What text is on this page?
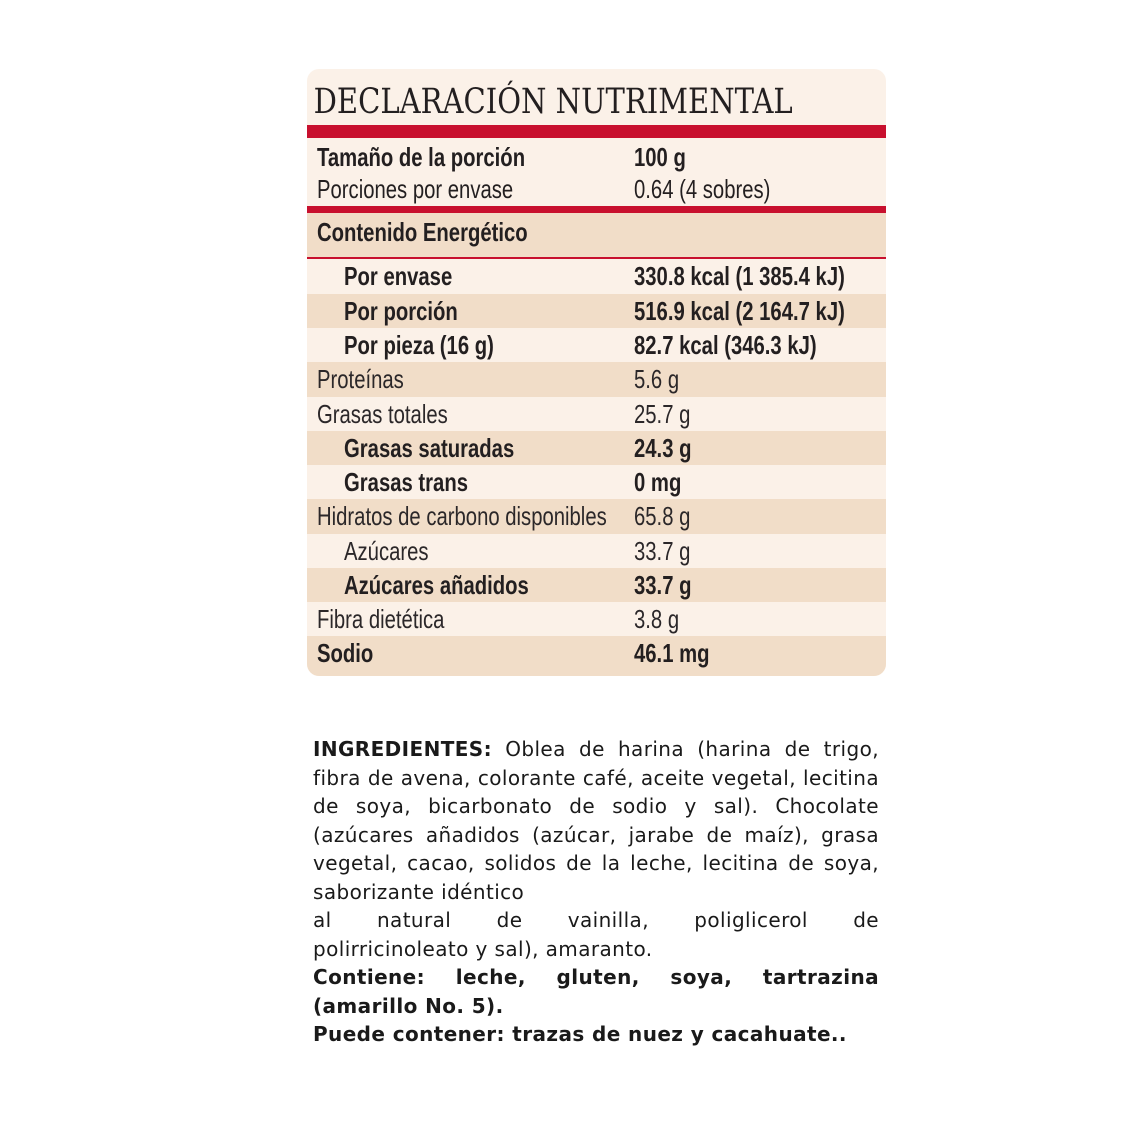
DECLARACIÓN NUTRIMENTAL
Tamaño de la porción	100 g
Porciones por envase	0.64 (4 sobres)
Contenido Energético
Por envase	330.8 kcal (1 385.4 kJ)
Por porción	516.9 kcal (2 164.7 kJ)
Por pieza (16 g)	82.7 kcal (346.3 kJ)
Proteínas	5.6 g
Grasas totales	25.7 g
Grasas saturadas	24.3 g
Grasas trans	0 mg
Hidratos de carbono disponibles 65.8 g
Azúcares	33.7 g
Azúcares añadidos	33.7 g
Fibra dietética	3.8 g
Sodio	46.1 mg

INGREDIENTES: Oblea de harina (harina de trigo, fibra de avena, colorante café, aceite vegetal, lecitina de soya, bicarbonato de sodio y sal). Chocolate (azúcares añadidos (azúcar, jarabe de maíz), grasa vegetal, cacao, solidos de la leche, lecitina de soya, saborizante idéntico

al natural de vainilla, poliglicerol de

polirricinoleato y sal), amaranto.

Contiene: leche, gluten, soya, tartrazina (amarillo No. 5).

Puede contener: trazas de nuez y cacahuate..
